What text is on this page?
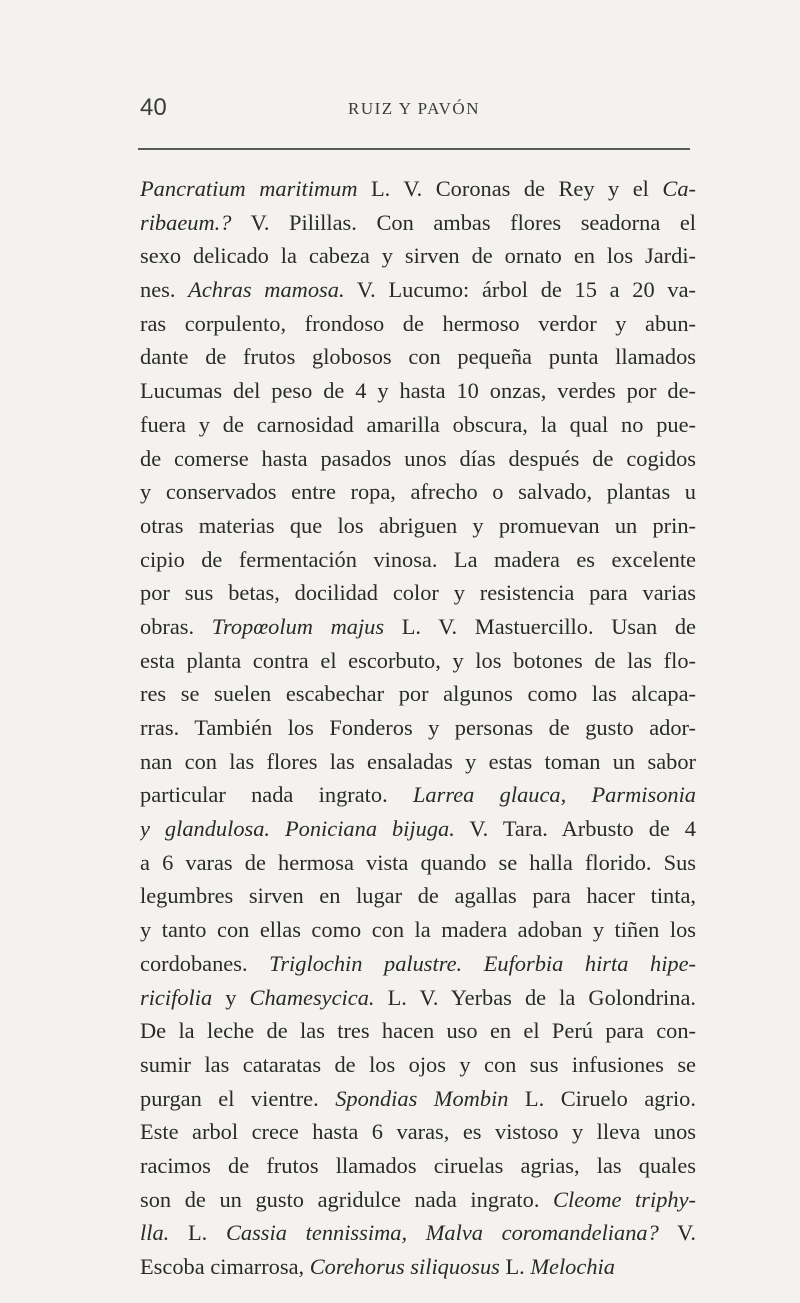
40	RUIZ Y PAVÓN
Pancratium maritimum L. V. Coronas de Rey y el Ca-
ribaeum.? V. Pilillas. Con ambas flores seadorna el
sexo delicado la cabeza y sirven de ornato en los Jardi-
nes. Achras mamosa. V. Lucumo: árbol de 15 a 20 va-
ras corpulento, frondoso de hermoso verdor y abun-
dante de frutos globosos con pequeña punta llamados
Lucumas del peso de 4 y hasta 10 onzas, verdes por de-
fuera y de carnosidad amarilla obscura, la qual no pue-
de comerse hasta pasados unos días después de cogidos
y conservados entre ropa, afrecho o salvado, plantas u
otras materias que los abriguen y promuevan un prin-
cipio de fermentación vinosa. La madera es excelente
por sus betas, docilidad color y resistencia para varias
obras. Tropœolum majus L. V. Mastuercillo. Usan de
esta planta contra el escorbuto, y los botones de las flo-
res se suelen escabechar por algunos como las alcapa-
rras. También los Fonderos y personas de gusto ador-
nan con las flores las ensaladas y estas toman un sabor
particular nada ingrato. Larrea glauca, Parmisonia
y glandulosa. Poniciana bijuga. V. Tara. Arbusto de 4
a 6 varas de hermosa vista quando se halla florido. Sus
legumbres sirven en lugar de agallas para hacer tinta,
y tanto con ellas como con la madera adoban y tiñen los
cordobanes. Triglochin palustre. Euforbia hirta hipe-
ricifolia y Chamesycica. L. V. Yerbas de la Golondrina.
De la leche de las tres hacen uso en el Perú para con-
sumir las cataratas de los ojos y con sus infusiones se
purgan el vientre. Spondias Mombin L. Ciruelo agrio.
Este arbol crece hasta 6 varas, es vistoso y lleva unos
racimos de frutos llamados ciruelas agrias, las quales
son de un gusto agridulce nada ingrato. Cleome triphy-
lla. L. Cassia tennissima, Malva coromandeliana? V.
Escoba cimarrosa, Corehorus siliquosus L. Melochia
